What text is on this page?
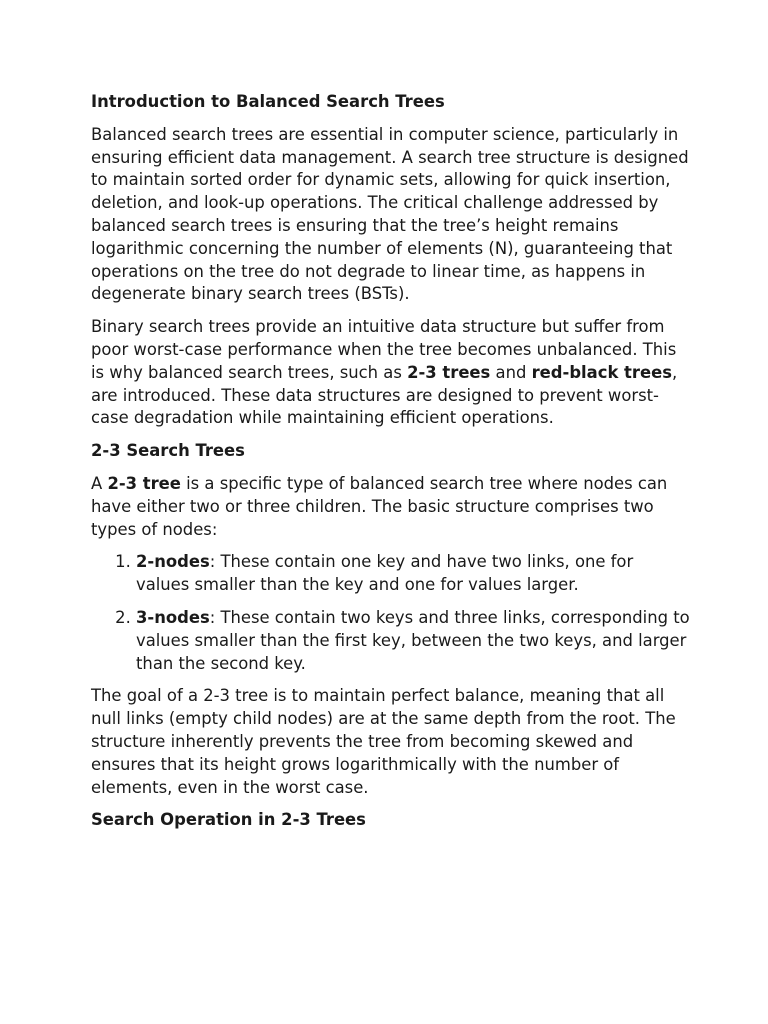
Introduction to Balanced Search Trees

Balanced search trees are essential in computer science, particularly in ensuring efficient data management. A search tree structure is designed to maintain sorted order for dynamic sets, allowing for quick insertion, deletion, and look-up operations. The critical challenge addressed by balanced search trees is ensuring that the tree’s height remains logarithmic concerning the number of elements (N), guaranteeing that operations on the tree do not degrade to linear time, as happens in degenerate binary search trees (BSTs).

Binary search trees provide an intuitive data structure but suffer from poor worst-case performance when the tree becomes unbalanced. This is why balanced search trees, such as 2-3 trees and red-black trees, are introduced. These data structures are designed to prevent worst-case degradation while maintaining efficient operations.

2-3 Search Trees

A 2-3 tree is a specific type of balanced search tree where nodes can have either two or three children. The basic structure comprises two types of nodes:

1. 2-nodes: These contain one key and have two links, one for values smaller than the key and one for values larger.
2. 3-nodes: These contain two keys and three links, corresponding to values smaller than the first key, between the two keys, and larger than the second key.

The goal of a 2-3 tree is to maintain perfect balance, meaning that all null links (empty child nodes) are at the same depth from the root. The structure inherently prevents the tree from becoming skewed and ensures that its height grows logarithmically with the number of elements, even in the worst case.

Search Operation in 2-3 Trees
